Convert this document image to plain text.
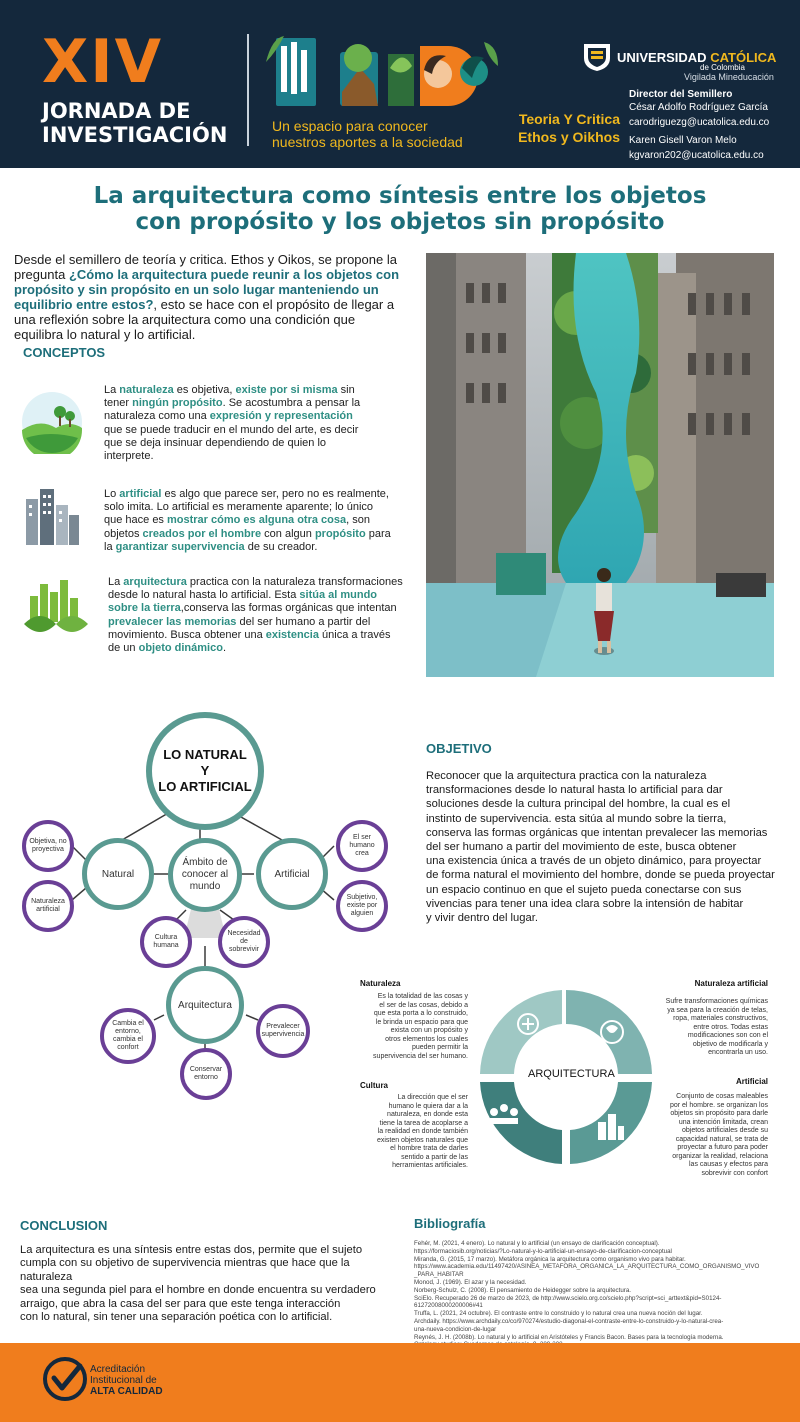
XIV
JORNADA DE
INVESTIGACIÓN	Un espacio para conocer
nuestros aportes a la sociedad
Teoria Y Critica
Ethos y Oikhos
UNIVERSIDAD CATÓLICA
de Colombia
Vigilada Mineducación
Director del Semillero
César Adolfo Rodríguez García
carodriguezg@ucatolica.edu.co
Karen Gisell Varon Melo
kgvaron202@ucatolica.edu.co
La arquitectura como síntesis entre los objetos
con propósito y los objetos sin propósito
Desde el semillero de teoría y critica. Ethos y Oikos, se propone la pregunta ¿Cómo la arquitectura puede reunir a los objetos con propósito y sin propósito en un solo lugar manteniendo un equilibrio entre estos?, esto se hace con el propósito de llegar a una reflexión sobre la arquitectura como una condición que equilibra lo natural y lo artificial.
CONCEPTOS
La naturaleza es objetiva, existe por si misma sin tener ningún propósito. Se acostumbra a pensar la naturaleza como una expresión y representación que se puede traducir en el mundo del arte, es decir que se deja insinuar dependiendo de quien lo interprete.
Lo artificial es algo que parece ser, pero no es realmente, solo imita. Lo artificial es meramente aparente; lo único que hace es mostrar cómo es alguna otra cosa, son objetos creados por el hombre con algun propósito para la garantizar supervivencia de su creador.
La arquitectura practica con la naturaleza transformaciones desde lo natural hasta lo artificial. Esta sitúa al mundo sobre la tierra,conserva las formas orgánicas que intentan prevalecer las memorias del ser humano a partir del movimiento. Busca obtener una existencia única a través de un objeto dinámico.
LO NATURAL
Y
LO ARTIFICIAL
Ámbito de conocer al mundo
Natural	Artificial
Arquitectura
Objetiva, no proyectiva
Naturaleza artificial
El ser humano crea
Subjetivo, existe por alguien
Cultura humana
Necesidad de sobrevivir
Cambia el entorno, cambia el confort
Prevalecer supervivencia
Conservar entorno
OBJETIVO
Reconocer que la arquitectura practica con la naturaleza
transformaciones desde lo natural hasta lo artificial para dar
soluciones desde la cultura principal del hombre, la cual es el
instinto de supervivencia. esta sitúa al mundo sobre la tierra,
conserva las formas orgánicas que intentan prevalecer las memorias
del ser humano a partir del movimiento de este, busca obtener
una existencia única a través de un objeto dinámico, para proyectar
de forma natural el movimiento del hombre, donde se pueda proyectar
un espacio continuo en que el sujeto pueda conectarse con sus
vivencias para tener una idea clara sobre la intensión de habitar
y vivir dentro del lugar.
ARQUITECTURA
Naturaleza
Es la totalidad de las cosas y
el ser de las cosas, debido a
que esta porta a lo construido,
le brinda un espacio para que
exista con un propósito y
otros elementos los cuales
pueden permitir la
supervivencia del ser humano.
Cultura
La dirección que el ser
humano le quiera dar a la
naturaleza, en donde esta
tiene la tarea de acoplarse a
la realidad en donde también
existen objetos naturales que
el hombre trata de darles
sentido a partir de las
herramientas artificiales.
Naturaleza artificial
Sufre transformaciones químicas
ya sea para la creación de telas,
ropa, materiales constructivos,
entre otros. Todas estas
modificaciones son con el
objetivo de modificarla y
encontrarla un uso.
Artificial
Conjunto de cosas maleables
por el hombre. se organizan los
objetos sin propósito para darle
una intención limitada, crean
objetos artificiales desde su
capacidad natural, se trata de
proyectar a futuro para poder
organizar la realidad, relaciona
las causas y efectos para
sobrevivir con confort
CONCLUSION
La arquitectura es una síntesis entre estas dos, permite que el sujeto
cumpla con su objetivo de supervivencia mientras que hace que la naturaleza
sea una segunda piel para el hombre en donde encuentra su verdadero
arraigo, que abra la casa del ser para que este tenga interacción
con lo natural, sin tener una separación poética con lo artificial.
Bibliografía
Fehér, M. (2021, 4 enero). Lo natural y lo artificial (un ensayo de clarificación conceptual).
https://formaciosib.org/noticias/?Lo-natural-y-lo-artificial-un-ensayo-de-clarificacion-conceptual
Miranda, G. (2015, 17 marzo). Metáfora orgánica la arquitectura como organismo vivo para habitar.
https://www.academia.edu/11497420/ASINEA_METAFORA_ORGANICA_LA_ARQUITECTURA_COMO_ORGANISMO_VIVO
_PARA_HABITAR
Monod, J. (1969). El azar y la necesidad.
Norberg-Schulz, C. (2008). El pensamiento de Heidegger sobre la arquitectura.
SciElo. Recuperado 26 de marzo de 2023, de http://www.scielo.org.co/scielo.php?script=sci_arttext&pid=S0124-
61272008000200006#41
Truffa, L. (2021, 24 octubre). El contraste entre lo construido y lo natural crea una nueva noción del lugar.
Archdaily. https://www.archdaily.co/co/970274/estudio-diagonal-el-contraste-entre-lo-construido-y-lo-natural-crea-
una-nueva-condicion-de-lugar
Reynés, J. H. (2008b). Lo natural y lo artificial en Aristóteles y Francis Bacon. Bases para la tecnología moderna.
Acreditación
Institucional de
ALTA CALIDAD
